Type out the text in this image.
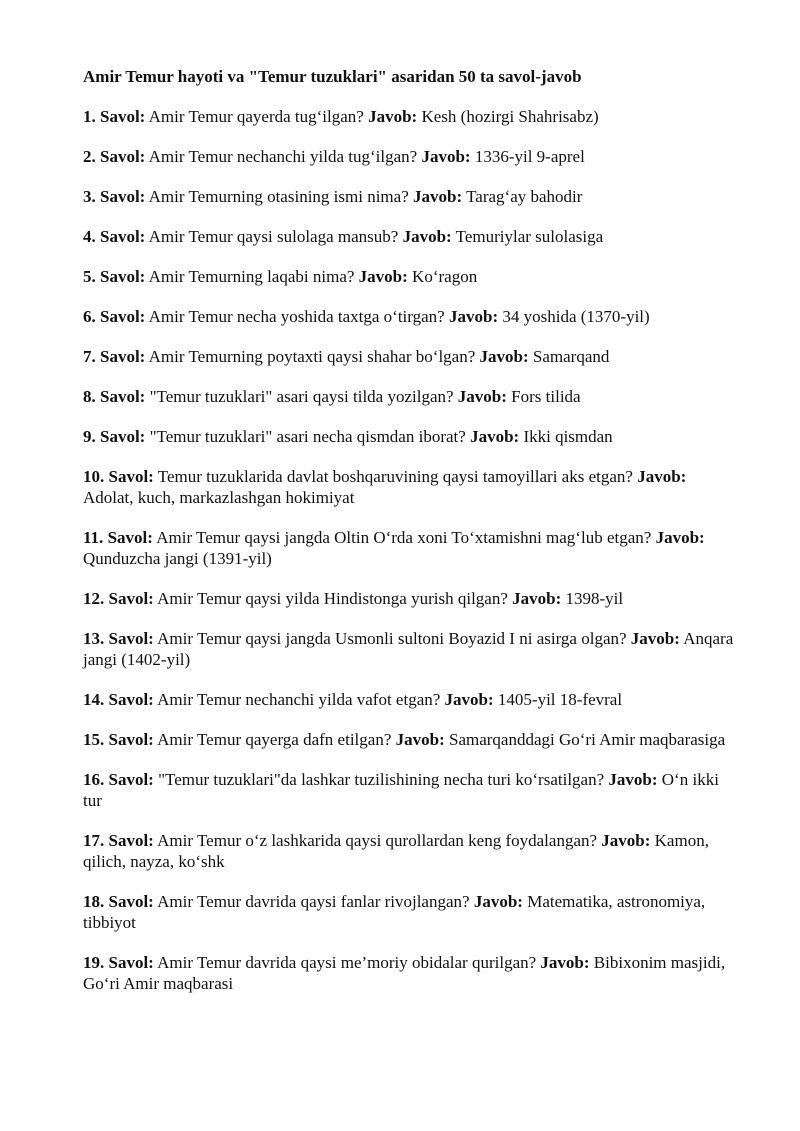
Amir Temur hayoti va "Temur tuzuklari" asaridan 50 ta savol-javob

1. Savol: Amir Temur qayerda tug‘ilgan? Javob: Kesh (hozirgi Shahrisabz)

2. Savol: Amir Temur nechanchi yilda tug‘ilgan? Javob: 1336-yil 9-aprel

3. Savol: Amir Temurning otasining ismi nima? Javob: Tarag‘ay bahodir

4. Savol: Amir Temur qaysi sulolaga mansub? Javob: Temuriylar sulolasiga

5. Savol: Amir Temurning laqabi nima? Javob: Ko‘ragon

6. Savol: Amir Temur necha yoshida taxtga o‘tirgan? Javob: 34 yoshida (1370-yil)

7. Savol: Amir Temurning poytaxti qaysi shahar bo‘lgan? Javob: Samarqand

8. Savol: "Temur tuzuklari" asari qaysi tilda yozilgan? Javob: Fors tilida

9. Savol: "Temur tuzuklari" asari necha qismdan iborat? Javob: Ikki qismdan

10. Savol: Temur tuzuklarida davlat boshqaruvining qaysi tamoyillari aks etgan? Javob: Adolat, kuch, markazlashgan hokimiyat

11. Savol: Amir Temur qaysi jangda Oltin O‘rda xoni To‘xtamishni mag‘lub etgan? Javob: Qunduzcha jangi (1391-yil)

12. Savol: Amir Temur qaysi yilda Hindistonga yurish qilgan? Javob: 1398-yil

13. Savol: Amir Temur qaysi jangda Usmonli sultoni Boyazid I ni asirga olgan? Javob: Anqara jangi (1402-yil)

14. Savol: Amir Temur nechanchi yilda vafot etgan? Javob: 1405-yil 18-fevral

15. Savol: Amir Temur qayerga dafn etilgan? Javob: Samarqanddagi Go‘ri Amir maqbarasiga

16. Savol: "Temur tuzuklari"da lashkar tuzilishining necha turi ko‘rsatilgan? Javob: O‘n ikki tur

17. Savol: Amir Temur o‘z lashkarida qaysi qurollardan keng foydalangan? Javob: Kamon, qilich, nayza, ko‘shk

18. Savol: Amir Temur davrida qaysi fanlar rivojlangan? Javob: Matematika, astronomiya, tibbiyot

19. Savol: Amir Temur davrida qaysi me’moriy obidalar qurilgan? Javob: Bibixonim masjidi, Go‘ri Amir maqbarasi
